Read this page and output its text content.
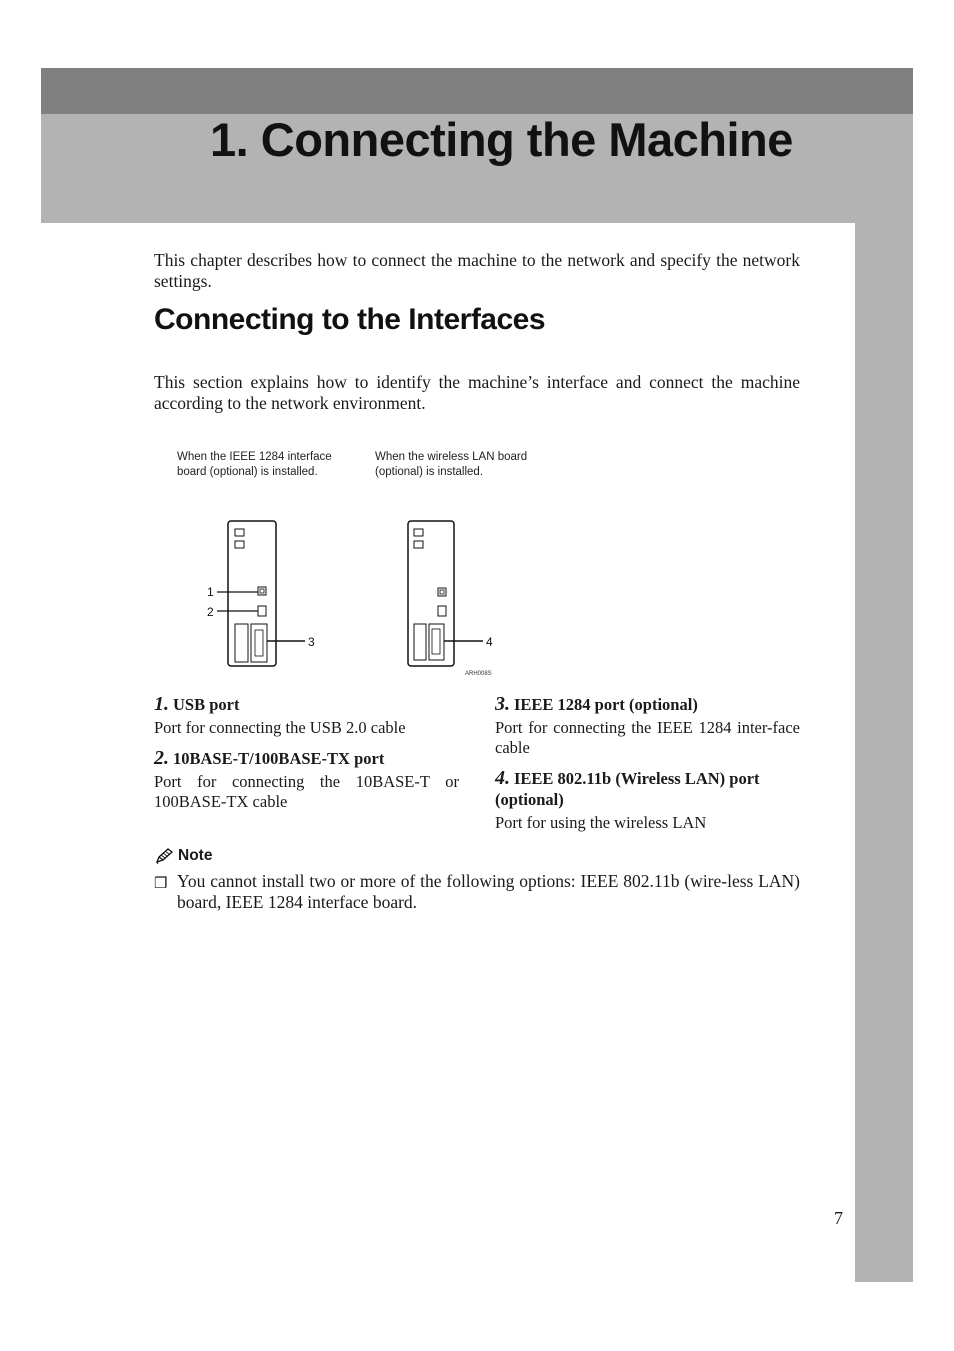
1. Connecting the Machine

This chapter describes how to connect the machine to the network and specify the network settings.

Connecting to the Interfaces

This section explains how to identify the machine’s interface and connect the machine according to the network environment.

When the IEEE 1284 interface board (optional) is installed.

When the wireless LAN board (optional) is installed.

1
2
3	4
ARH008S

1. USB port

Port for connecting the USB 2.0 cable

2. 10BASE-T/100BASE-TX port

Port for connecting the 10BASE-T or 100BASE-TX cable

3. IEEE 1284 port (optional)

Port for connecting the IEEE 1284 inter-face cable

4. IEEE 802.11b (Wireless LAN) port (optional)

Port for using the wireless LAN

Note

❒ You cannot install two or more of the following options: IEEE 802.11b (wire-less LAN) board, IEEE 1284 interface board.

7
